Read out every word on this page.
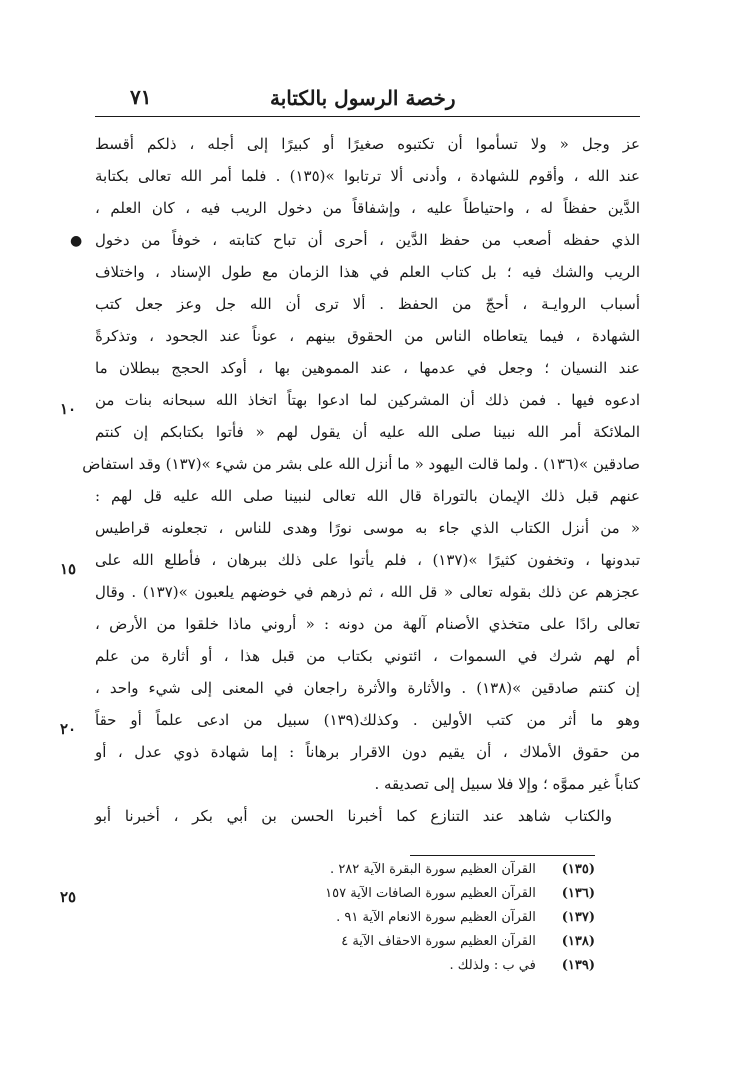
رخصة الرسول بالكتابة
٧١
عز وجل « ولا تسأموا أن تكتبوه صغيرًا أو كبيرًا إلى أجله ، ذلكم أقسط
عند الله ، وأقوم للشهادة ، وأدنى ألا ترتابوا »(١٣٥) . فلما أمر الله تعالى بكتابة
الدَّين حفظاً له ، واحتياطاً عليه ، وإشفاقاً من دخول الريب فيه ، كان العلم ،
الذي حفظه أصعب من حفظ الدَّين ، أحرى أن تباح كتابته ، خوفاً من دخول
الريب والشك فيه ؛ بل كتاب العلم في هذا الزمان مع طول الإسناد ، واختلاف
أسباب الروايـة ، أحجّ من الحفظ . ألا ترى أن الله جل وعز جعل كتب
الشهادة ، فيما يتعاطاه الناس من الحقوق بينهم ، عوناً عند الجحود ، وتذكرةً
عند النسيان ؛ وجعل في عدمها ، عند المموهين بها ، أوكد الحجج ببطلان ما
ادعوه فيها . فمن ذلك أن المشركين لما ادعوا بهتاً اتخاذ الله سبحانه بنات من
الملائكة أمر الله نبينا صلى الله عليه أن يقول لهم « فأتوا بكتابكم إن كنتم
صادقين »(١٣٦) . ولما قالت اليهود « ما أنزل الله على بشر من شيء »(١٣٧) وقد استفاض
عنهم قبل ذلك الإيمان بالتوراة قال الله تعالى لنبينا صلى الله عليه قل لهم :
« من أنزل الكتاب الذي جاء به موسى نورًا وهدى للناس ، تجعلونه قراطيس
تبدونها ، وتخفون كثيرًا »(١٣٧) ، فلم يأتوا على ذلك ببرهان ، فأطلع الله على
عجزهم عن ذلك بقوله تعالى « قل الله ، ثم ذرهم في خوضهم يلعبون »(١٣٧) . وقال
تعالى رادًا على متخذي الأصنام آلهة من دونه : « أروني ماذا خلقوا من الأرض ،
أم لهم شرك في السموات ، ائتوني بكتاب من قبل هذا ، أو أثارة من علم
إن كنتم صادقين »(١٣٨) . والأثارة والأثرة راجعان في المعنى إلى شيء واحد ،
وهو ما أثر من كتب الأولين . وكذلك(١٣٩) سبيل من ادعى علماً أو حقاً
من حقوق الأملاك ، أن يقيم دون الاقرار برهاناً : إما شهادة ذوي عدل ، أو
كتاباً غير مموَّه ؛ وإلا فلا سبيل إلى تصديقه .
والكتاب شاهد عند التنازع كما أخبرنا الحسن بن أبي بكر ، أخبرنا أبو
●
١٠
١٥
٢٠
٢٥
(١٣٥) القرآن العظيم سورة البقرة الآية ٢٨٢ .
(١٣٦) القرآن العظيم سورة الصافات الآية ١٥٧
(١٣٧) القرآن العظيم سورة الانعام الآية ٩١ .
(١٣٨) القرآن العظيم سورة الاحقاف الآية ٤
(١٣٩) في ب : ولذلك .
